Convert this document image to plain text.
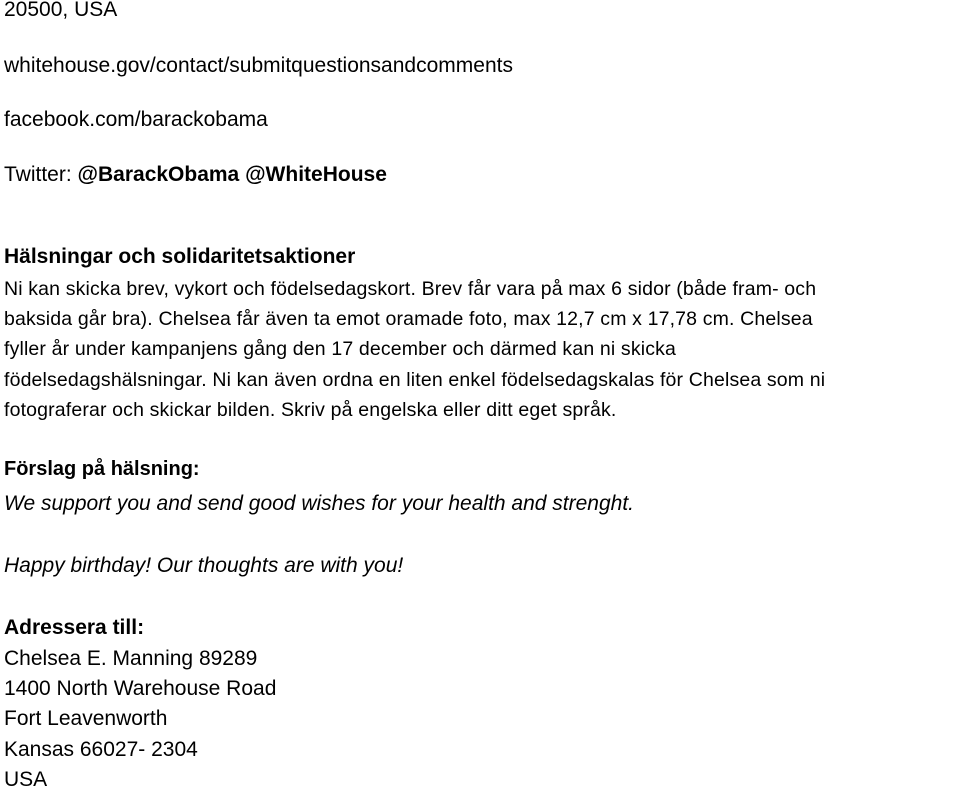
20500, USA

whitehouse.gov/contact/submitquestionsandcomments

facebook.com/barackobama

Twitter: @BarackObama @WhiteHouse

Hälsningar och solidaritetsaktioner
Ni kan skicka brev, vykort och födelsedagskort. Brev får vara på max 6 sidor (både fram- och
baksida går bra). Chelsea får även ta emot oramade foto, max 12,7 cm x 17,78 cm. Chelsea
fyller år under kampanjens gång den 17 december och därmed kan ni skicka
födelsedagshälsningar. Ni kan även ordna en liten enkel födelsedagskalas för Chelsea som ni
fotograferar och skickar bilden. Skriv på engelska eller ditt eget språk.
Förslag på hälsning:

We support you and send good wishes for your health and strenght.

Happy birthday! Our thoughts are with you!

Adressera till:

Chelsea E. Manning 89289

1400 North Warehouse Road

Fort Leavenworth

Kansas 66027- 2304

USA
